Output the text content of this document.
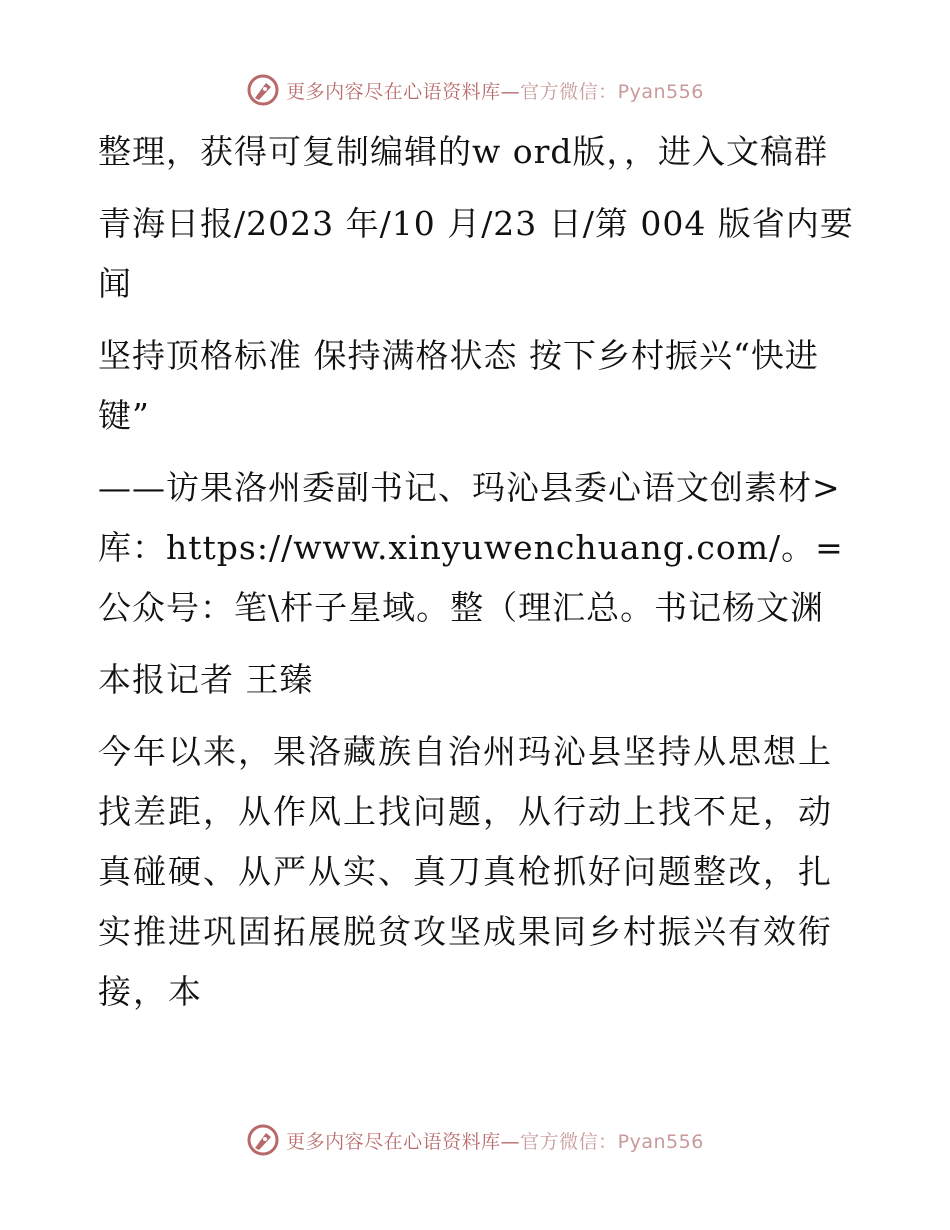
更多内容尽在心语资料库—官方微信：Pyan556

整理，获得可复制编辑的w ord版，，进入文稿群

青海日报/2023 年/10 月/23 日/第 004 版省内要闻

坚持顶格标准 保持满格状态 按下乡村振兴“快进键”

——访果洛州委副书记、玛沁县委心语文创素材>库：https://www.xinyuwenchuang.com/。=公众号：笔\杆子星域。整（理汇总。书记杨文渊

本报记者 王臻

今年以来，果洛藏族自治州玛沁县坚持从思想上找差距，从作风上找问题，从行动上找不足，动真碰硬、从严从实、真刀真枪抓好问题整改，扎实推进巩固拓展脱贫攻坚成果同乡村振兴有效衔接，本

更多内容尽在心语资料库—官方微信：Pyan556
